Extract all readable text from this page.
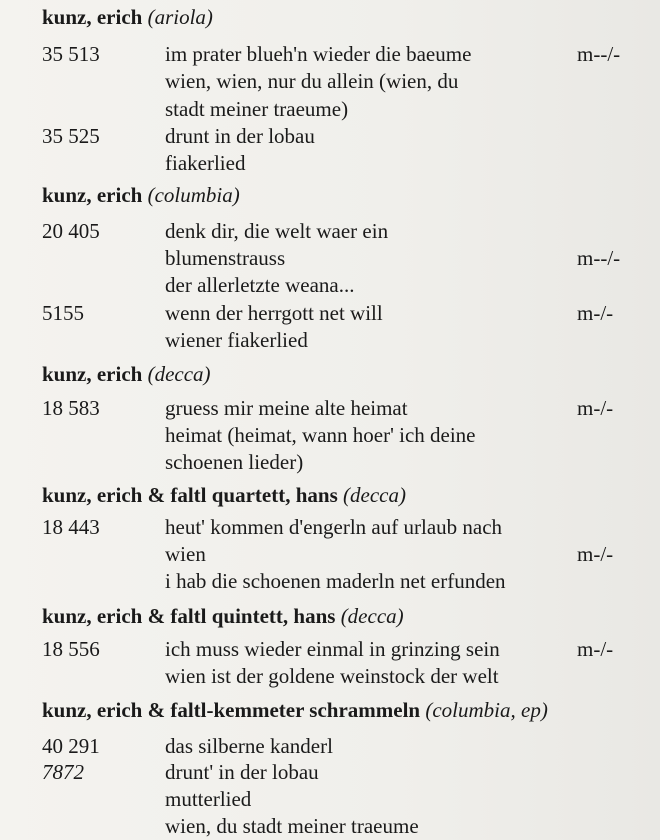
kunz, erich (ariola)
35 513	im prater blueh'n wieder die baeume	m--/-
wien, wien, nur du allein (wien, du
stadt meiner traeume)
35 525	drunt in der lobau
fiakerlied
kunz, erich (columbia)
20 405	denk dir, die welt waer ein
blumenstrauss	m--/-
der allerletzte weana...
5155	wenn der herrgott net will	m-/-
wiener fiakerlied
kunz, erich (decca)
18 583	gruess mir meine alte heimat	m-/-
heimat (heimat, wann hoer' ich deine
schoenen lieder)
kunz, erich & faltl quartett, hans (decca)
18 443	heut' kommen d'engerln auf urlaub nach
wien	m-/-
i hab die schoenen maderln net erfunden
kunz, erich & faltl quintett, hans (decca)
18 556	ich muss wieder einmal in grinzing sein	m-/-
wien ist der goldene weinstock der welt
kunz, erich & faltl-kemmeter schrammeln (columbia, ep)
40 291	das silberne kanderl
7872	drunt' in der lobau
mutterlied
wien, du stadt meiner traeume
